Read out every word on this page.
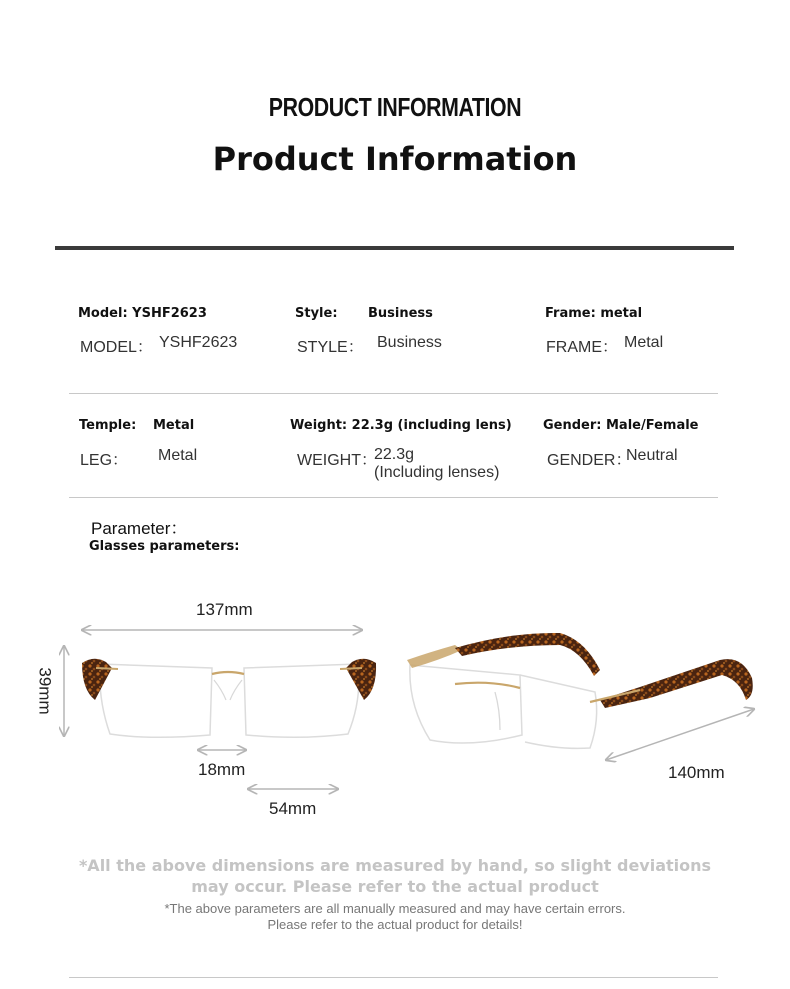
PRODUCT INFORMATION
Product Information
Model: YSHF2623
MODEL： YSHF2623
Style: Business
STYLE： Business
Frame: metal
FRAME： Metal
Temple: Metal
LEG： Metal
Weight: 22.3g (including lens)
WEIGHT：
22.3g
(Including lenses)
Gender: Male/Female
GENDER：
Neutral
Parameter：
Glasses parameters:
137mm
39mm
18mm
54mm
140mm
*All the above dimensions are measured by hand, so slight deviations may occur. Please refer to the actual product
*The above parameters are all manually measured and may have certain errors.
Please refer to the actual product for details!
